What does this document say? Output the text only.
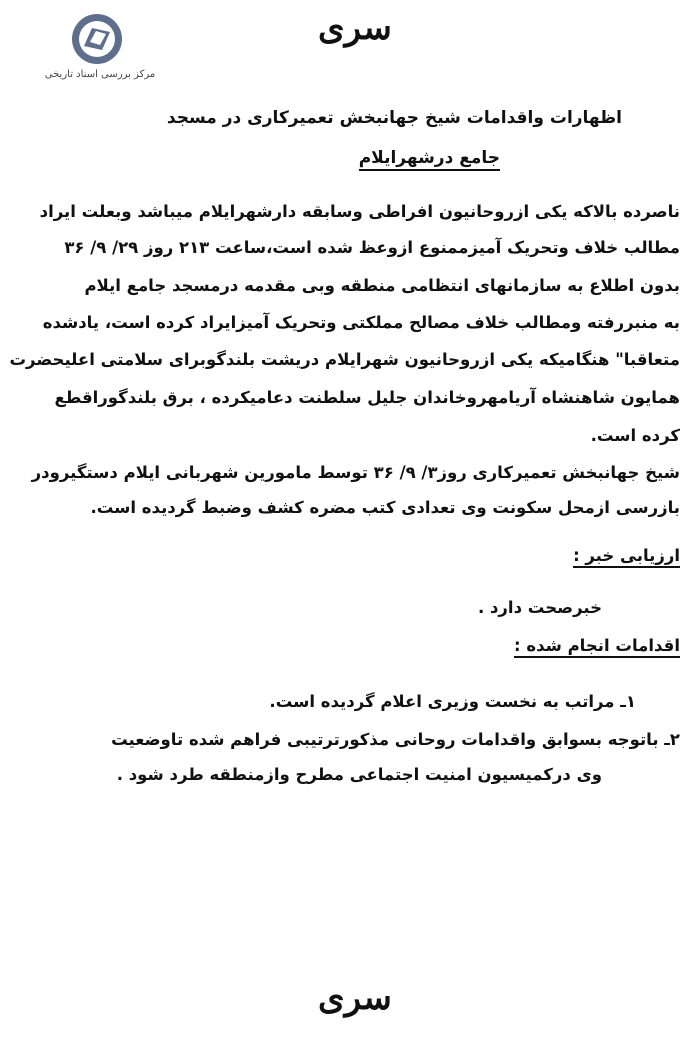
سری
مرکز بررسی اسناد تاریخی
اظهارات واقدامات شیخ جهانبخش تعمیرکاری در مسجد
جامع درشهرایلام
ناصرده بالاکه یکی ازروحانیون افراطی وسابقه دارشهرایلام میباشد وبعلت ایراد
مطالب خلاف وتحریک آمیزممنوع ازوعظ شده است،ساعت ۲۱۳ روز ۲۹/ ۹/ ۳۶
بدون اطلاع به سازمانهای انتظامی منطقه وبی مقدمه درمسجد جامع ایلام
به منبررفته ومطالب خلاف مصالح مملکتی وتحریک آمیزایراد کرده است، یادشده
متعاقبا" هنگامیکه یکی ازروحانیون شهرایلام دریشت بلندگوبرای سلامتی اعلیحضرت
همایون شاهنشاه آریامهروخاندان جلیل سلطنت دعامیکرده ، برق بلندگوراقطع
کرده است.
شیخ جهانبخش تعمیرکاری روز۳/ ۹/ ۳۶ توسط مامورین شهربانی ایلام دستگیرودر
بازرسی ازمحل سکونت وی تعدادی کتب مضره کشف وضبط گردیده است.
ارزیابی خبر :
خبرصحت دارد .
اقدامات انجام شده :
۱ـ مراتب به نخست وزیری اعلام گردیده است.
۲ـ باتوجه بسوابق واقدامات روحانی مذکورترتیبی فراهم شده تاوضعیت
وی درکمیسیون امنیت اجتماعی مطرح وازمنطقه طرد شود .
سری
